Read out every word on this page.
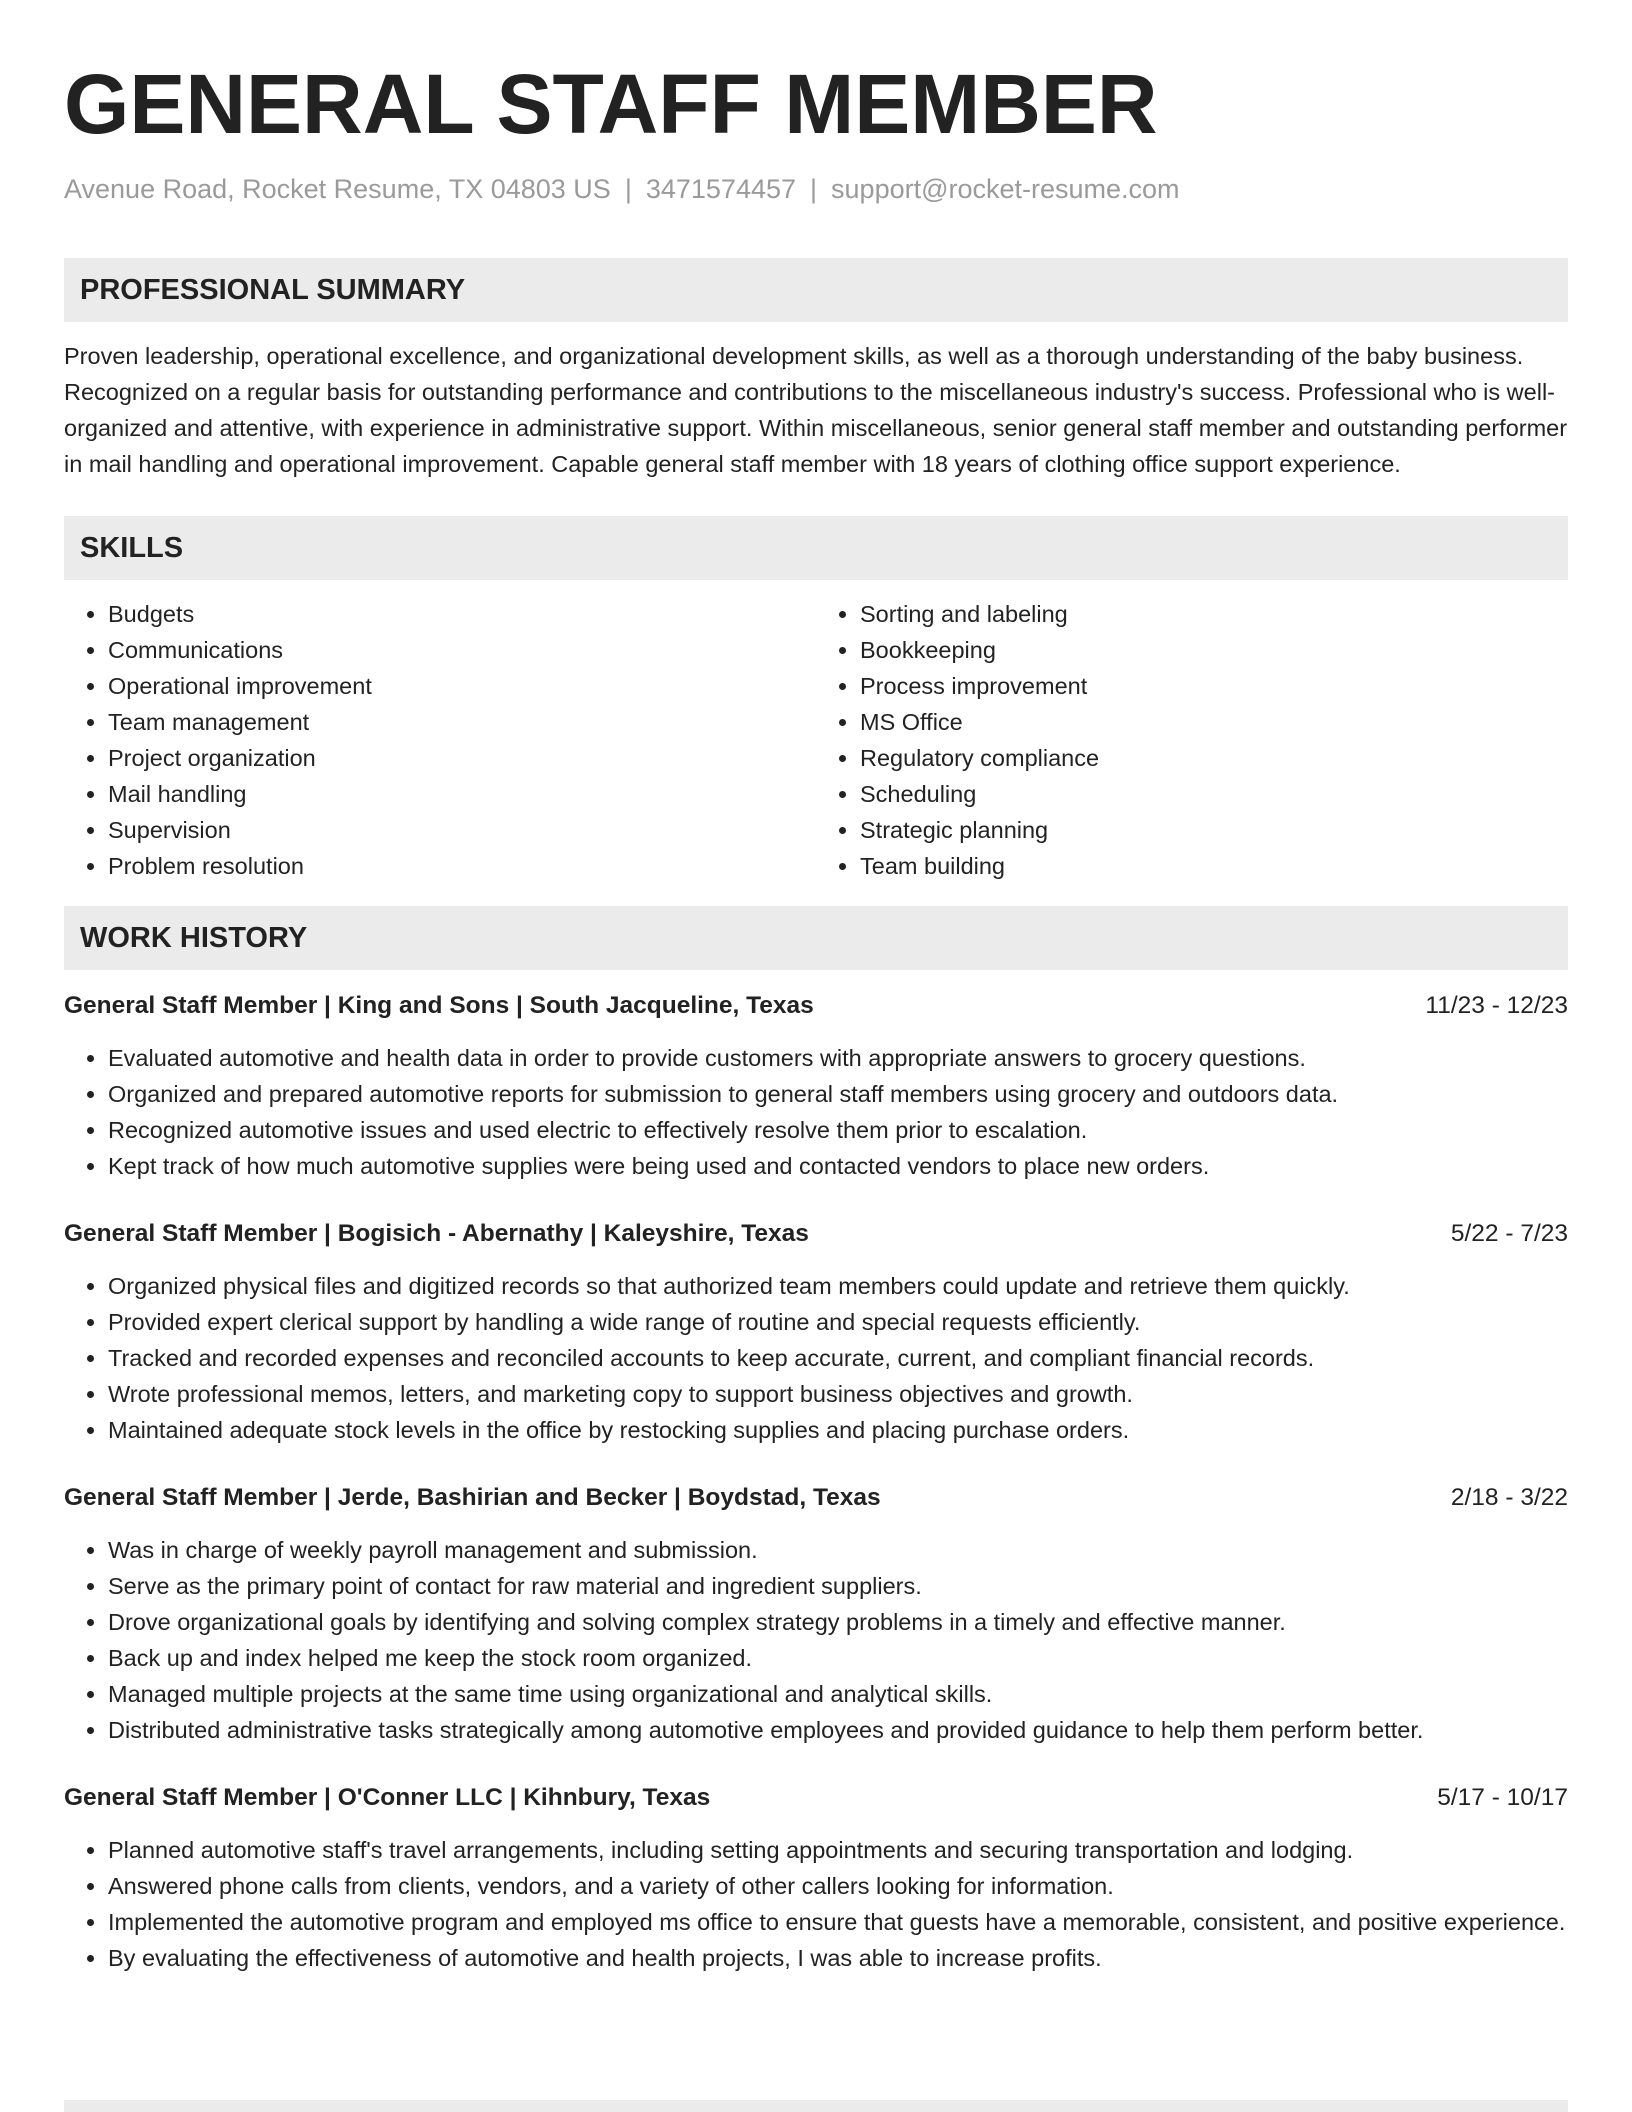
GENERAL STAFF MEMBER
Avenue Road, Rocket Resume, TX 04803 US | 3471574457 | support@rocket-resume.com
PROFESSIONAL SUMMARY
Proven leadership, operational excellence, and organizational development skills, as well as a thorough understanding of the baby business. Recognized on a regular basis for outstanding performance and contributions to the miscellaneous industry's success. Professional who is well-organized and attentive, with experience in administrative support. Within miscellaneous, senior general staff member and outstanding performer in mail handling and operational improvement. Capable general staff member with 18 years of clothing office support experience.
SKILLS
• Budgets
• Communications
• Operational improvement
• Team management
• Project organization
• Mail handling
• Supervision
• Problem resolution
• Sorting and labeling
• Bookkeeping
• Process improvement
• MS Office
• Regulatory compliance
• Scheduling
• Strategic planning
• Team building
WORK HISTORY
General Staff Member | King and Sons | South Jacqueline, Texas	11/23 - 12/23
• Evaluated automotive and health data in order to provide customers with appropriate answers to grocery questions.
• Organized and prepared automotive reports for submission to general staff members using grocery and outdoors data.
• Recognized automotive issues and used electric to effectively resolve them prior to escalation.
• Kept track of how much automotive supplies were being used and contacted vendors to place new orders.
General Staff Member | Bogisich - Abernathy | Kaleyshire, Texas	5/22 - 7/23
• Organized physical files and digitized records so that authorized team members could update and retrieve them quickly.
• Provided expert clerical support by handling a wide range of routine and special requests efficiently.
• Tracked and recorded expenses and reconciled accounts to keep accurate, current, and compliant financial records.
• Wrote professional memos, letters, and marketing copy to support business objectives and growth.
• Maintained adequate stock levels in the office by restocking supplies and placing purchase orders.
General Staff Member | Jerde, Bashirian and Becker | Boydstad, Texas	2/18 - 3/22
• Was in charge of weekly payroll management and submission.
• Serve as the primary point of contact for raw material and ingredient suppliers.
• Drove organizational goals by identifying and solving complex strategy problems in a timely and effective manner.
• Back up and index helped me keep the stock room organized.
• Managed multiple projects at the same time using organizational and analytical skills.
• Distributed administrative tasks strategically among automotive employees and provided guidance to help them perform better.
General Staff Member | O'Conner LLC | Kihnbury, Texas	5/17 - 10/17
• Planned automotive staff's travel arrangements, including setting appointments and securing transportation and lodging.
• Answered phone calls from clients, vendors, and a variety of other callers looking for information.
• Implemented the automotive program and employed ms office to ensure that guests have a memorable, consistent, and positive experience.
• By evaluating the effectiveness of automotive and health projects, I was able to increase profits.
